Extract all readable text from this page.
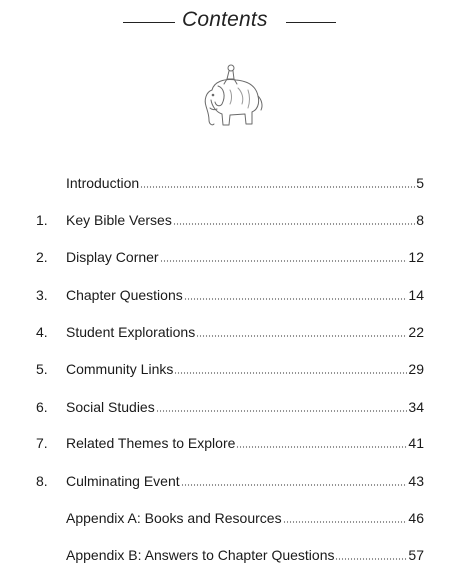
Contents
Introduction	5
1.	Key Bible Verses	8
2.	Display Corner	12
3.	Chapter Questions	14
4.	Student Explorations	22
5.	Community Links	29
6.	Social Studies	34
7.	Related Themes to Explore	41
8.	Culminating Event	43
Appendix A: Books and Resources	46
Appendix B: Answers to Chapter Questions	57
